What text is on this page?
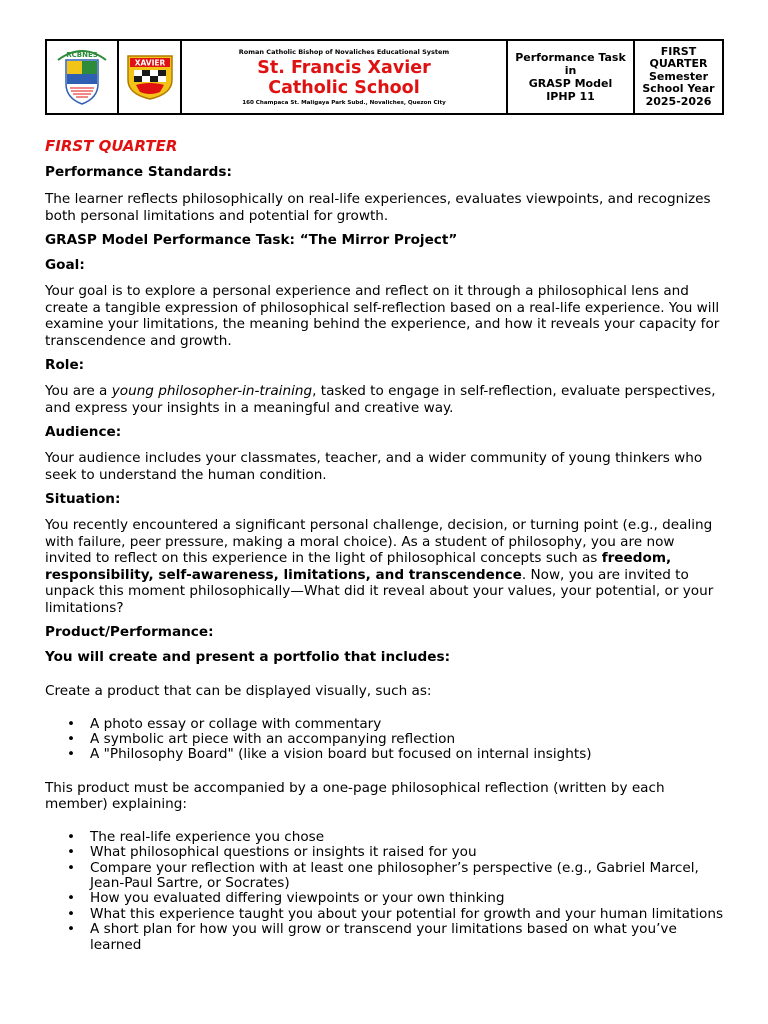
RCBNES
XAVIER
Roman Catholic Bishop of Novaliches Educational System
St. Francis Xavier
Catholic School
160 Champaca St. Maligaya Park Subd., Novaliches, Quezon City
Performance Task in
GRASP Model
IPHP 11
FIRST
QUARTER
Semester
School Year
2025-2026
FIRST QUARTER
Performance Standards:

The learner reflects philosophically on real-life experiences, evaluates viewpoints, and recognizes both personal limitations and potential for growth.

GRASP Model Performance Task: “The Mirror Project”
Goal:

Your goal is to explore a personal experience and reflect on it through a philosophical lens and create a tangible expression of philosophical self-reflection based on a real-life experience. You will examine your limitations, the meaning behind the experience, and how it reveals your capacity for transcendence and growth.

Role:

You are a young philosopher-in-training, tasked to engage in self-reflection, evaluate perspectives, and express your insights in a meaningful and creative way.

Audience:

Your audience includes your classmates, teacher, and a wider community of young thinkers who seek to understand the human condition.

Situation:

You recently encountered a significant personal challenge, decision, or turning point (e.g., dealing with failure, peer pressure, making a moral choice). As a student of philosophy, you are now invited to reflect on this experience in the light of philosophical concepts such as freedom, responsibility, self-awareness, limitations, and transcendence. Now, you are invited to unpack this moment philosophically—What did it reveal about your values, your potential, or your limitations?

Product/Performance:
You will create and present a portfolio that includes:

Create a product that can be displayed visually, such as:

• A photo essay or collage with commentary
• A symbolic art piece with an accompanying reflection
• A "Philosophy Board" (like a vision board but focused on internal insights)

This product must be accompanied by a one-page philosophical reflection (written by each member) explaining:

• The real-life experience you chose
• What philosophical questions or insights it raised for you
• Compare your reflection with at least one philosopher’s perspective (e.g., Gabriel Marcel, Jean-Paul Sartre, or Socrates)
• How you evaluated differing viewpoints or your own thinking
• What this experience taught you about your potential for growth and your human limitations
• A short plan for how you will grow or transcend your limitations based on what you’ve learned
